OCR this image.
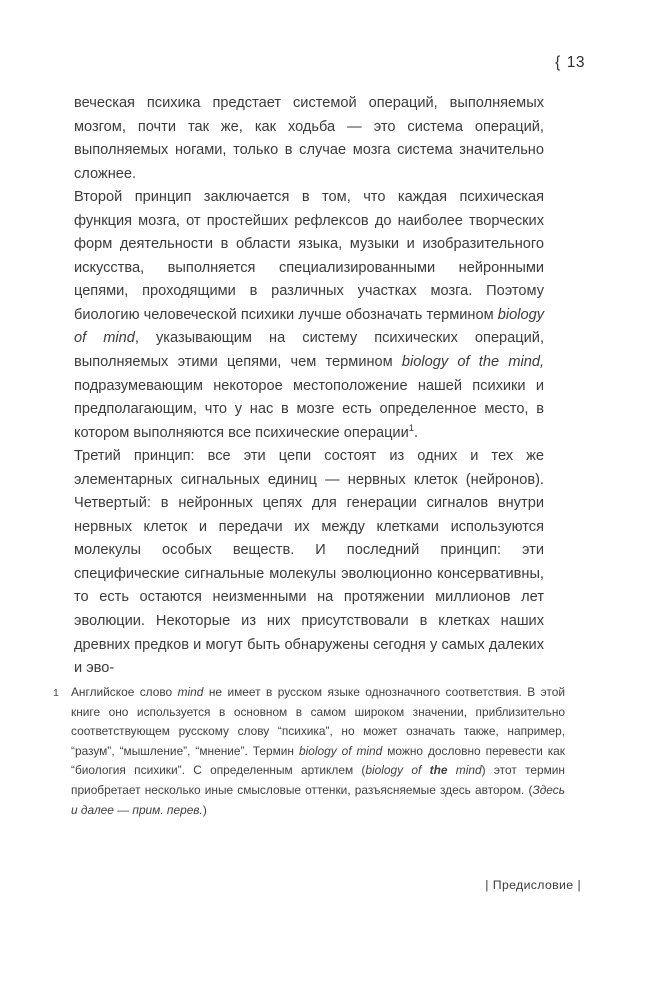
{ 13

веческая психика предстает системой операций, выполняемых мозгом, почти так же, как ходьба — это система операций, выполняемых ногами, только в случае мозга система значительно сложнее.

Второй принцип заключается в том, что каждая психическая функция мозга, от простейших рефлексов до наиболее творческих форм деятельности в области языка, музыки и изобразительного искусства, выполняется специализированными нейронными цепями, проходящими в различных участках мозга. Поэтому биологию человеческой психики лучше обозначать термином biology of mind, указывающим на систему психических операций, выполняемых этими цепями, чем термином biology of the mind, подразумевающим некоторое местоположение нашей психики и предполагающим, что у нас в мозге есть определенное место, в котором выполняются все психические операции$^1$.

Третий принцип: все эти цепи состоят из одних и тех же элементарных сигнальных единиц — нервных клеток (нейронов). Четвертый: в нейронных цепях для генерации сигналов внутри нервных клеток и передачи их между клетками используются молекулы особых веществ. И последний принцип: эти специфические сигнальные молекулы эволюционно консервативны, то есть остаются неизменными на протяжении миллионов лет эволюции. Некоторые из них присутствовали в клетках наших древних предков и могут быть обнаружены сегодня у самых далеких и эво-

1	Английское слово mind не имеет в русском языке однозначного соответствия. В этой книге оно используется в основном в самом широком значении, приблизительно соответствующем русскому слову “психика”, но может означать также, например, “разум”, “мышление”, “мнение”. Термин biology of mind можно дословно перевести как “биология психики”. С определенным артиклем (biology of the mind) этот термин приобретает несколько иные смысловые оттенки, разъясняемые здесь автором. (Здесь и далее — прим. перев.)
| Предисловие |
